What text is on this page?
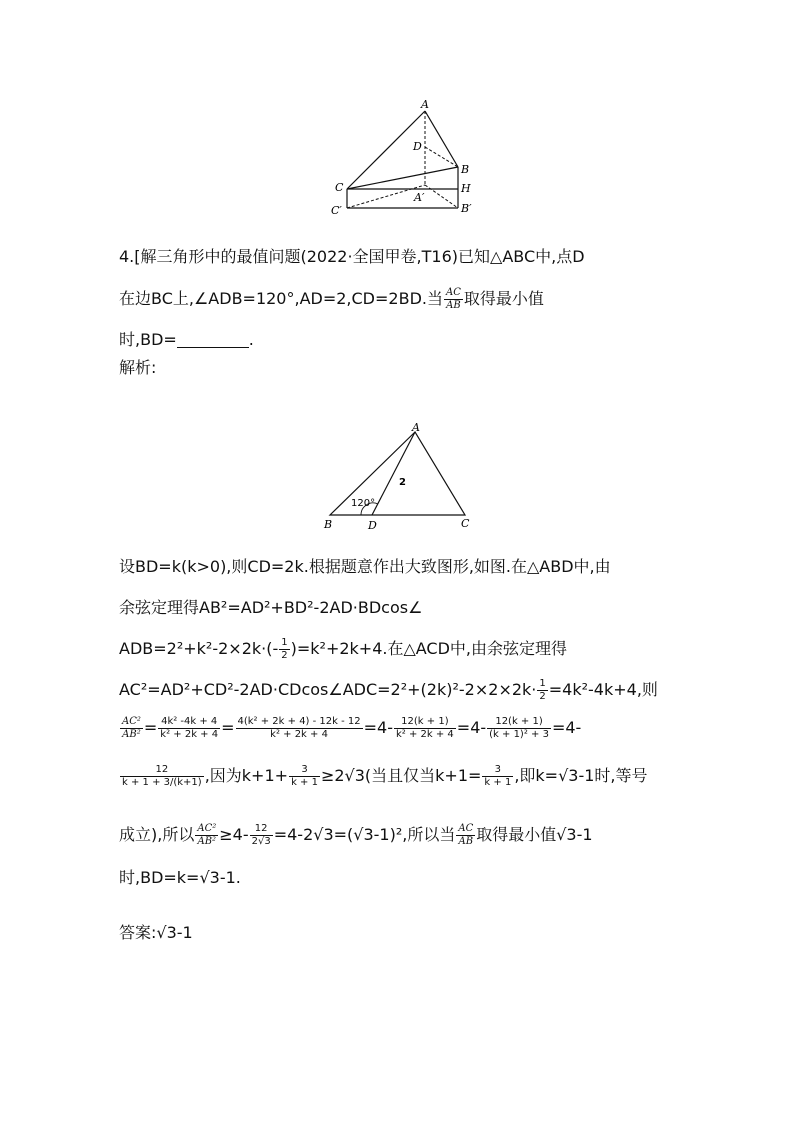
A
D
B
C	H
A′
B′
C′
4.[解三角形中的最值问题(2022·全国甲卷,T16)已知△ABC中,点D
在边BC上,∠ADB=120°,AD=2,CD=2BD.当 $\frac{AC}{AB}$ 取得最小值
时,BD=	.
解析:
A
B	D	C
120°
2
设BD=k(k>0),则CD=2k.根据题意作出大致图形,如图.在△ABD中,由
余弦定理得AB²=AD²+BD²-2AD·BDcos∠
$ADB=2^2+k^2-2\times 2k\cdot(- \frac{1}{2} )=k^2+2k+4$.在△ACD中,由余弦定理得
AC²=AD²+CD²-2AD·CDcos∠ADC=2²+(2k)²-2×2×2k· $\frac{1}{2} =4k^2-4k+4$,则
$\frac{\text{AC²}}{\text{AB²}} = \frac{\text{4k² -4k + 4}}{\text{k² + 2k + 4}} = \frac{\text{4(k² + 2k + 4) - 12k - 12}}{\text{k² + 2k + 4}} =4- \frac{12(k + 1)}{\text{k² + 2k + 4}} =4- \frac{12(k + 1)}{\text{(k + 1)² + 3}} =4-$
$\frac{12}{k + 1 + 3/(k+1)}$ ,因为$k+1+ \frac{3}{k + 1} \ge 2√3$(当且仅当$k+1= \frac{3}{k + 1}$ ,即k=√3-1时,等号
成立),所以 $\frac{\text{AC²}}{\text{AB²}} \ge 4- \frac{12}{2√3} =4-2√3=(√3-1)^2$,所以当 $\frac{AC}{AB}$ 取得最小值√3-1
时,BD=k=√3-1.
答案:√3-1
